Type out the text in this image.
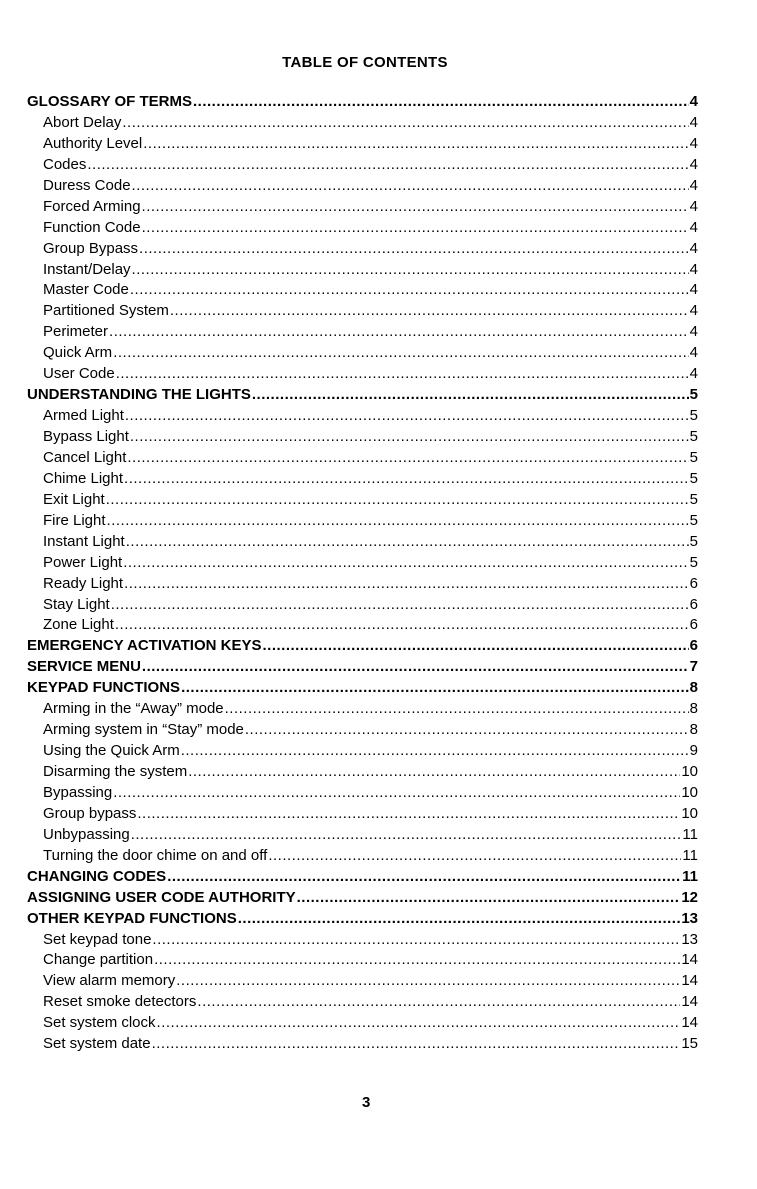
TABLE OF CONTENTS
GLOSSARY OF TERMS .....	4
Abort Delay .....	4
Authority Level .....	4
Codes .....	4
Duress Code .....	4
Forced Arming .....	4
Function Code .....	4
Group Bypass .....	4
Instant/Delay .....	4
Master Code .....	4
Partitioned System .....	4
Perimeter .....	4
Quick Arm .....	4
User Code .....	4
UNDERSTANDING THE LIGHTS .....	5
Armed Light .....	5
Bypass Light .....	5
Cancel Light .....	5
Chime Light .....	5
Exit Light .....	5
Fire Light .....	5
Instant Light .....	5
Power Light .....	5
Ready Light .....	6
Stay Light .....	6
Zone Light .....	6
EMERGENCY ACTIVATION KEYS .....	6
SERVICE MENU .....	7
KEYPAD FUNCTIONS .....	8
Arming in the “Away” mode .....	8
Arming system in “Stay” mode .....	8
Using the Quick Arm .....	9
Disarming the system .....	10
Bypassing .....	10
Group bypass .....	10
Unbypassing .....	11
Turning the door chime on and off .....	11
CHANGING CODES .....	11
ASSIGNING USER CODE AUTHORITY .....	12
OTHER KEYPAD FUNCTIONS .....	13
Set keypad tone .....	13
Change partition .....	14
View alarm memory .....	14
Reset smoke detectors .....	14
Set system clock .....	14
Set system date .....	15
3
